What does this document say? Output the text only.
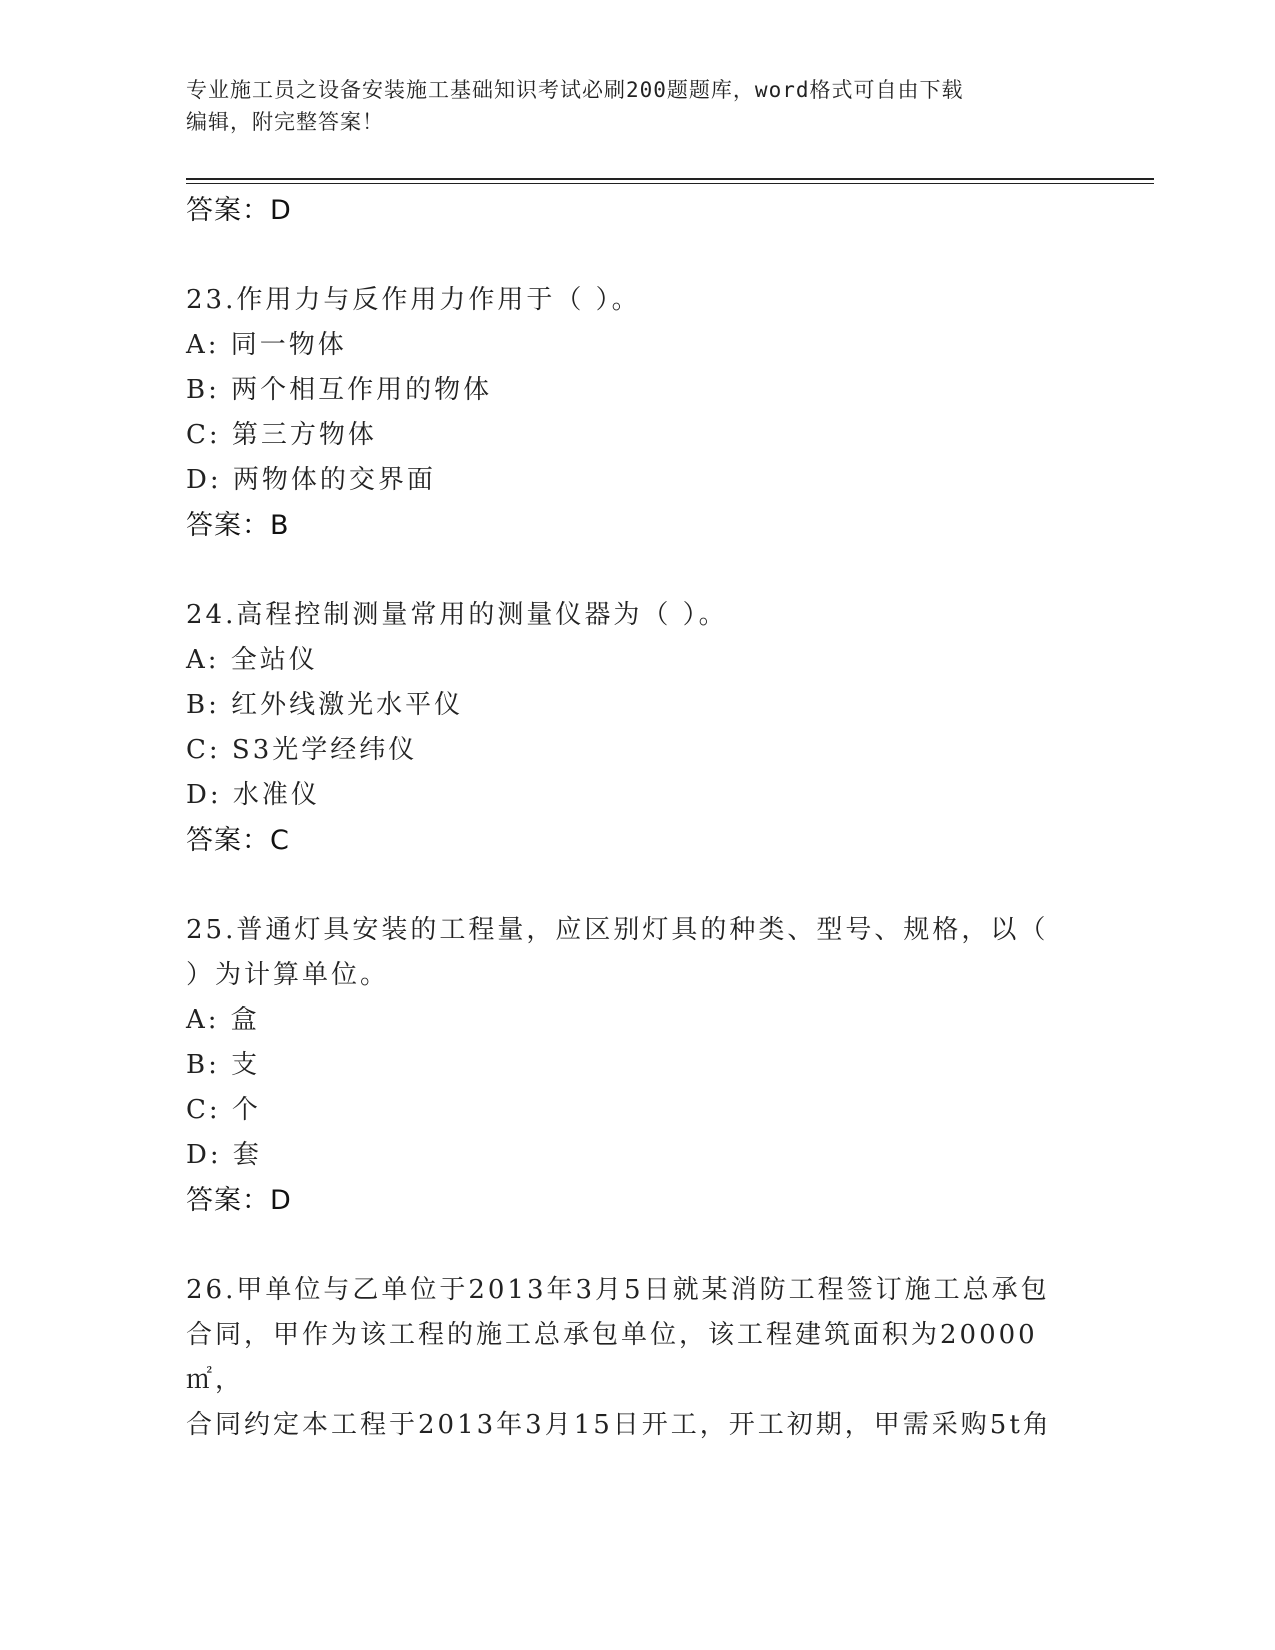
专业施工员之设备安装施工基础知识考试必刷200题题库，word格式可自由下载
编辑，附完整答案！
答案：D
23.作用力与反作用力作用于（ ）。
A: 同一物体
B: 两个相互作用的物体
C: 第三方物体
D: 两物体的交界面
答案：B
24.高程控制测量常用的测量仪器为（ ）。
A: 全站仪
B: 红外线激光水平仪
C: S3光学经纬仪
D: 水准仪
答案：C
25.普通灯具安装的工程量，应区别灯具的种类、型号、规格，以（
）为计算单位。
A: 盒
B: 支
C: 个
D: 套
答案：D
26.甲单位与乙单位于2013年3月5日就某消防工程签订施工总承包
合同，甲作为该工程的施工总承包单位，该工程建筑面积为20000㎡，
合同约定本工程于2013年3月15日开工，开工初期，甲需采购5t角
